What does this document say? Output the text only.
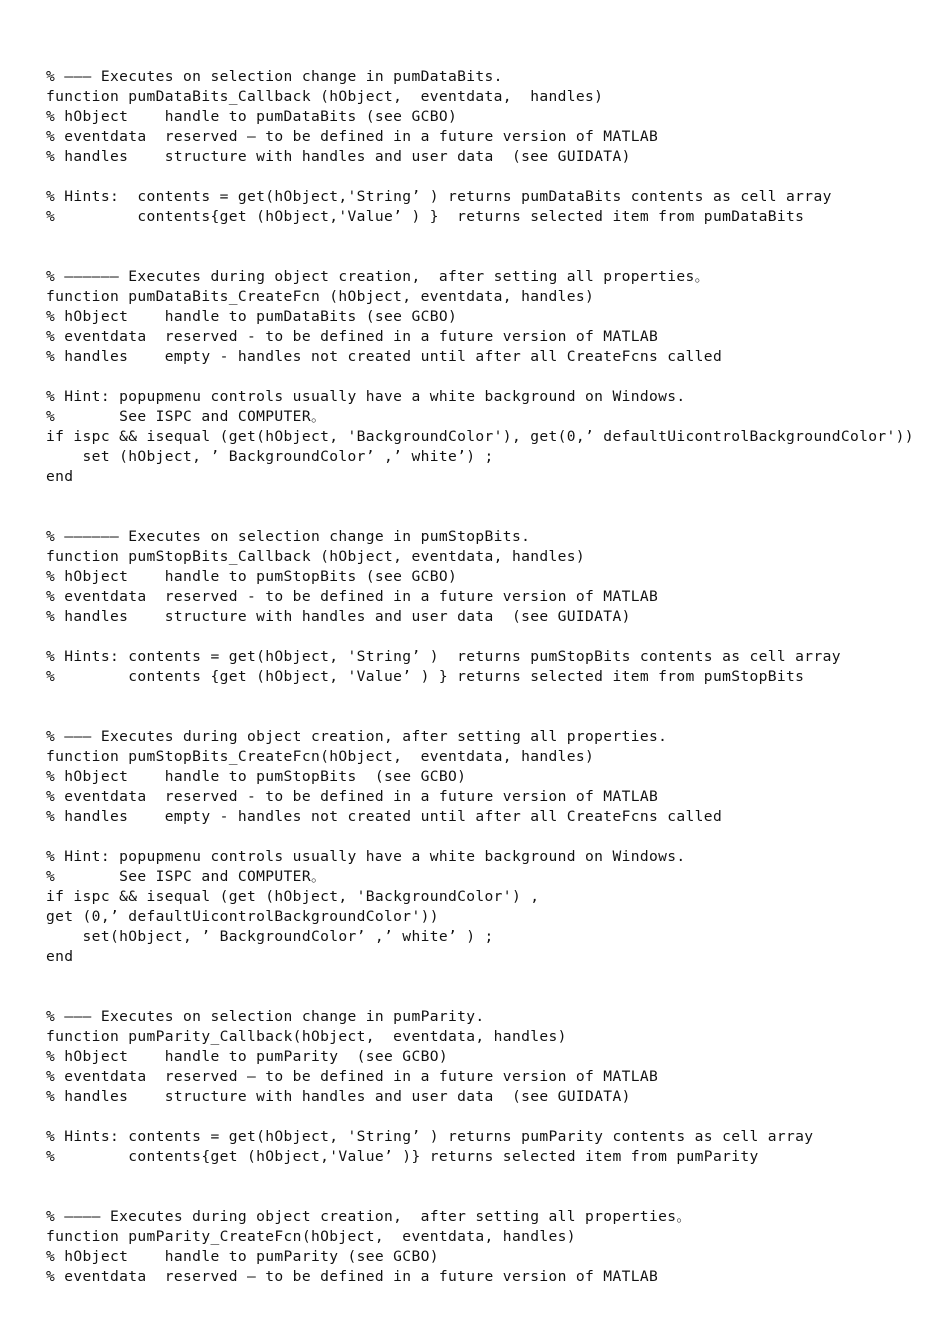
% ——— Executes on selection change in pumDataBits.
function pumDataBits_Callback (hObject,  eventdata,  handles)
% hObject    handle to pumDataBits (see GCBO)
% eventdata  reserved — to be defined in a future version of MATLAB
% handles    structure with handles and user data  (see GUIDATA)
% Hints:  contents = get(hObject,'String’ ) returns pumDataBits contents as cell array
%         contents{get (hObject,'Value’ ) }  returns selected item from pumDataBits
% —————— Executes during object creation,  after setting all properties。
function pumDataBits_CreateFcn (hObject, eventdata, handles)
% hObject    handle to pumDataBits (see GCBO)
% eventdata  reserved - to be defined in a future version of MATLAB
% handles    empty - handles not created until after all CreateFcns called
% Hint: popupmenu controls usually have a white background on Windows.
%       See ISPC and COMPUTER。
if ispc && isequal (get(hObject, 'BackgroundColor'), get(0,’ defaultUicontrolBackgroundColor'))
set (hObject, ’ BackgroundColor’ ,’ white’) ;
end
% —————— Executes on selection change in pumStopBits.
function pumStopBits_Callback (hObject, eventdata, handles)
% hObject    handle to pumStopBits (see GCBO)
% eventdata  reserved - to be defined in a future version of MATLAB
% handles    structure with handles and user data  (see GUIDATA)
% Hints: contents = get(hObject, 'String’ )  returns pumStopBits contents as cell array
%        contents {get (hObject, 'Value’ ) } returns selected item from pumStopBits
% ——— Executes during object creation, after setting all properties.
function pumStopBits_CreateFcn(hObject,  eventdata, handles)
% hObject    handle to pumStopBits  (see GCBO)
% eventdata  reserved - to be defined in a future version of MATLAB
% handles    empty - handles not created until after all CreateFcns called
% Hint: popupmenu controls usually have a white background on Windows.
%       See ISPC and COMPUTER。
if ispc && isequal (get (hObject, 'BackgroundColor') ,
get (0,’ defaultUicontrolBackgroundColor'))
set(hObject, ’ BackgroundColor’ ,’ white’ ) ;
end
% ——— Executes on selection change in pumParity.
function pumParity_Callback(hObject,  eventdata, handles)
% hObject    handle to pumParity  (see GCBO)
% eventdata  reserved — to be defined in a future version of MATLAB
% handles    structure with handles and user data  (see GUIDATA)
% Hints: contents = get(hObject, 'String’ ) returns pumParity contents as cell array
%        contents{get (hObject,'Value’ )} returns selected item from pumParity
% ———— Executes during object creation,  after setting all properties。
function pumParity_CreateFcn(hObject,  eventdata, handles)
% hObject    handle to pumParity (see GCBO)
% eventdata  reserved — to be defined in a future version of MATLAB
